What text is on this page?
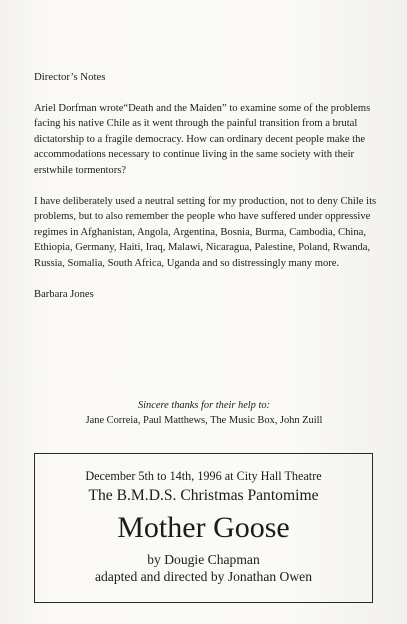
Director’s Notes

Ariel Dorfman wrote“Death and the Maiden” to examine some of the problems facing his native Chile as it went through the painful transition from a brutal dictatorship to a fragile democracy. How can ordinary decent people make the accommodations necessary to continue living in the same society with their erstwhile tormentors?

I have deliberately used a neutral setting for my production, not to deny Chile its problems, but to also remember the people who have suffered under oppressive regimes in Afghanistan, Angola, Argentina, Bosnia, Burma, Cambodia, China, Ethiopia, Germany, Haiti, Iraq, Malawi, Nicaragua, Palestine, Poland, Rwanda, Russia, Somalia, South Africa, Uganda and so distressingly many more.

Barbara Jones

Sincere thanks for their help to:
Jane Correia, Paul Matthews, The Music Box, John Zuill
December 5th to 14th, 1996 at City Hall Theatre
The B.M.D.S. Christmas Pantomime
Mother Goose
by Dougie Chapman
adapted and directed by Jonathan Owen
